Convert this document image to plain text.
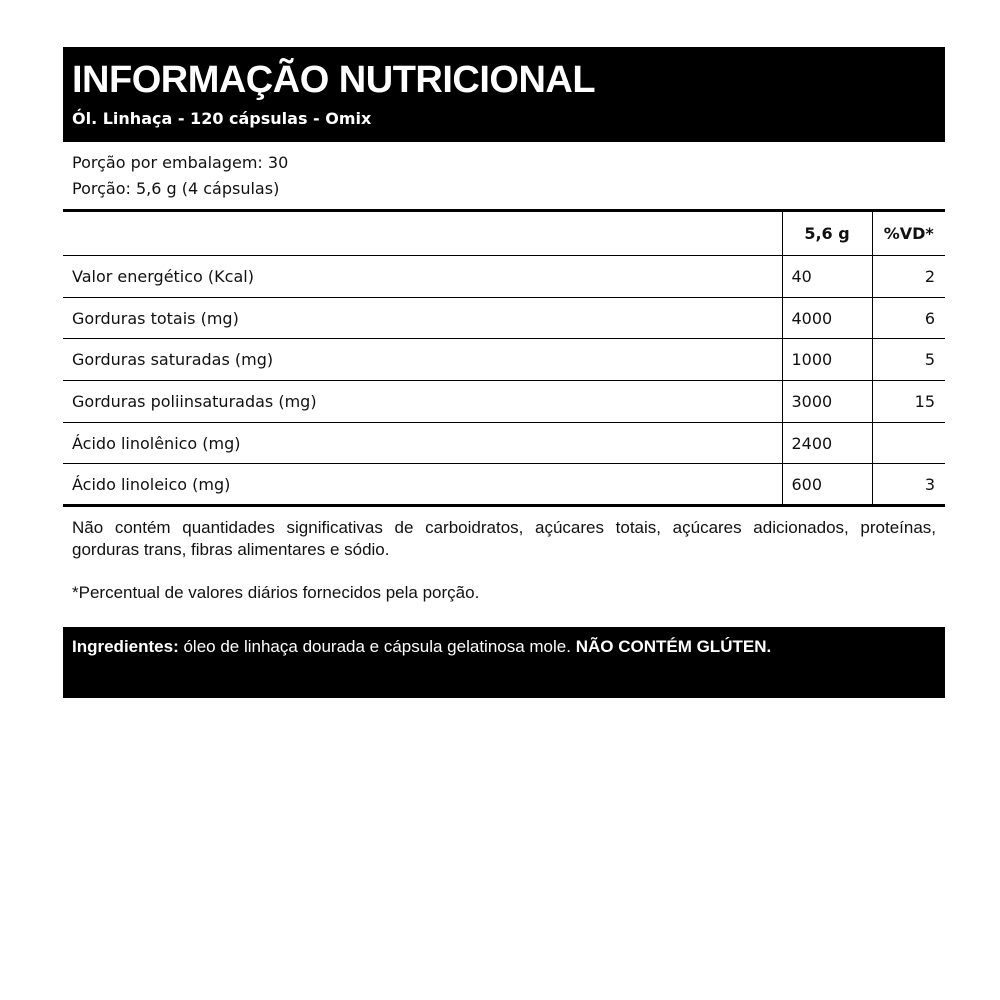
INFORMAÇÃO NUTRICIONAL
Ól. Linhaça - 120 cápsulas - Omix
Porção por embalagem: 30
Porção: 5,6 g (4 cápsulas)
	5,6 g	%VD*
Valor energético (Kcal)	40	2
Gorduras totais (mg)	4000	6
Gorduras saturadas (mg)	1000	5
Gorduras poliinsaturadas (mg)	3000	15
Ácido linolênico (mg)	2400	
Ácido linoleico (mg)	600	3
Não contém quantidades significativas de carboidratos, açúcares totais, açúcares adicionados, proteínas, gorduras trans, fibras alimentares e sódio.
*Percentual de valores diários fornecidos pela porção.
Ingredientes: óleo de linhaça dourada e cápsula gelatinosa mole. NÃO CONTÉM GLÚTEN.
